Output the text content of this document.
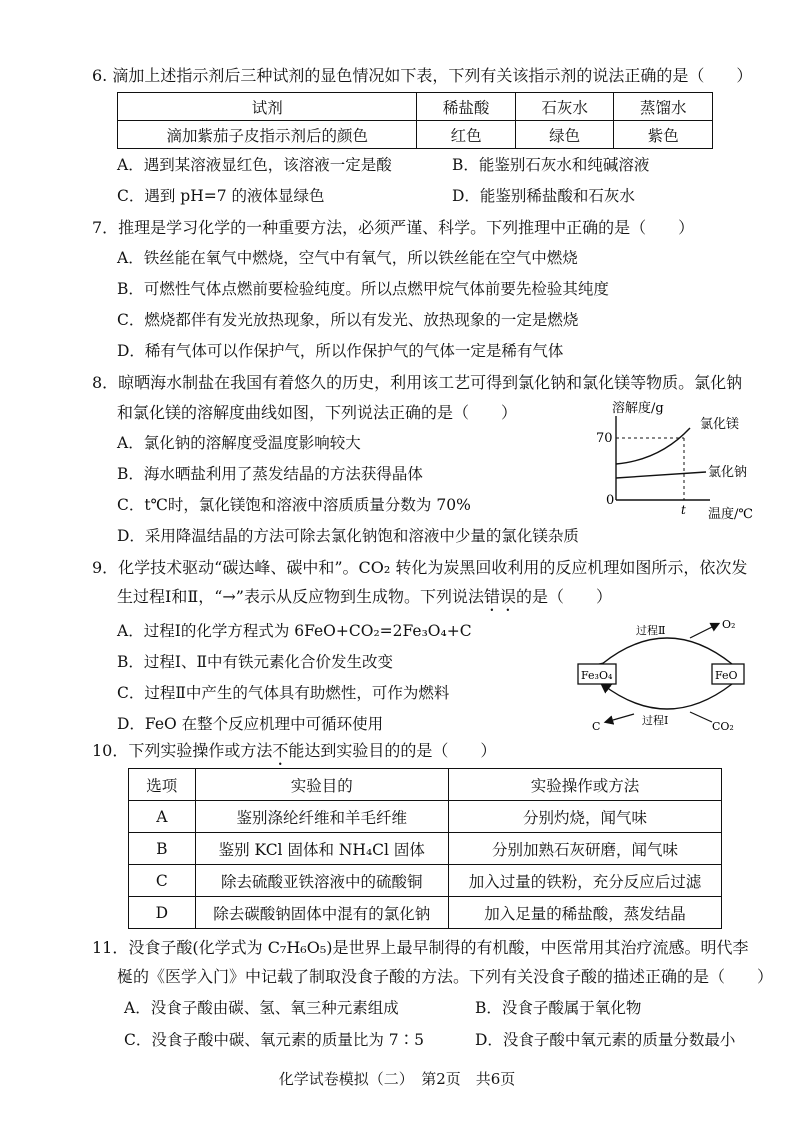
6. 滴加上述指示剂后三种试剂的显色情况如下表，下列有关该指示剂的说法正确的是（　　）
试剂	稀盐酸	石灰水	蒸馏水
滴加紫茄子皮指示剂后的颜色	红色	绿色	紫色
A．遇到某溶液显红色，该溶液一定是酸	B．能鉴别石灰水和纯碱溶液
C．遇到 pH=7 的液体显绿色	D．能鉴别稀盐酸和石灰水
7．推理是学习化学的一种重要方法，必须严谨、科学。下列推理中正确的是（　　）
A．铁丝能在氧气中燃烧，空气中有氧气，所以铁丝能在空气中燃烧
B．可燃性气体点燃前要检验纯度。所以点燃甲烷气体前要先检验其纯度
C．燃烧都伴有发光放热现象，所以有发光、放热现象的一定是燃烧
D．稀有气体可以作保护气，所以作保护气的气体一定是稀有气体
8．晾晒海水制盐在我国有着悠久的历史，利用该工艺可得到氯化钠和氯化镁等物质。氯化钠
和氯化镁的溶解度曲线如图，下列说法正确的是（　　）
A．氯化钠的溶解度受温度影响较大
B．海水晒盐利用了蒸发结晶的方法获得晶体
C．t℃时，氯化镁饱和溶液中溶质质量分数为 70%
D．采用降温结晶的方法可除去氯化钠饱和溶液中少量的氯化镁杂质
溶解度/g
70
0
t 温度/℃
氯化镁
氯化钠
9．化学技术驱动“碳达峰、碳中和”。CO₂ 转化为炭黑回收利用的反应机理如图所示，依次发
生过程Ⅰ和Ⅱ，“→”表示从反应物到生成物。下列说法错误的是（　　）
A．过程Ⅰ的化学方程式为 6FeO+CO₂=2Fe₃O₄+C
B．过程Ⅰ、Ⅱ中有铁元素化合价发生改变
C．过程Ⅱ中产生的气体具有助燃性，可作为燃料
D．FeO 在整个反应机理中可循环使用
Fe₃O₄	FeO
过程Ⅱ	O₂
过程Ⅰ	CO₂
C
10．下列实验操作或方法不能达到实验目的的是（　　）
选项	实验目的	实验操作或方法
A	鉴别涤纶纤维和羊毛纤维	分别灼烧，闻气味
B	鉴别 KCl 固体和 NH₄Cl 固体	分别加熟石灰研磨，闻气味
C	除去硫酸亚铁溶液中的硫酸铜	加入过量的铁粉，充分反应后过滤
D	除去碳酸钠固体中混有的氯化钠	加入足量的稀盐酸，蒸发结晶
11．没食子酸(化学式为 C₇H₆O₅)是世界上最早制得的有机酸，中医常用其治疗流感。明代李
梴的《医学入门》中记载了制取没食子酸的方法。下列有关没食子酸的描述正确的是（　　）
A．没食子酸由碳、氢、氧三种元素组成	B．没食子酸属于氧化物
C．没食子酸中碳、氧元素的质量比为 7∶5	D．没食子酸中氧元素的质量分数最小
化学试卷模拟（二）　第2页　共6页
